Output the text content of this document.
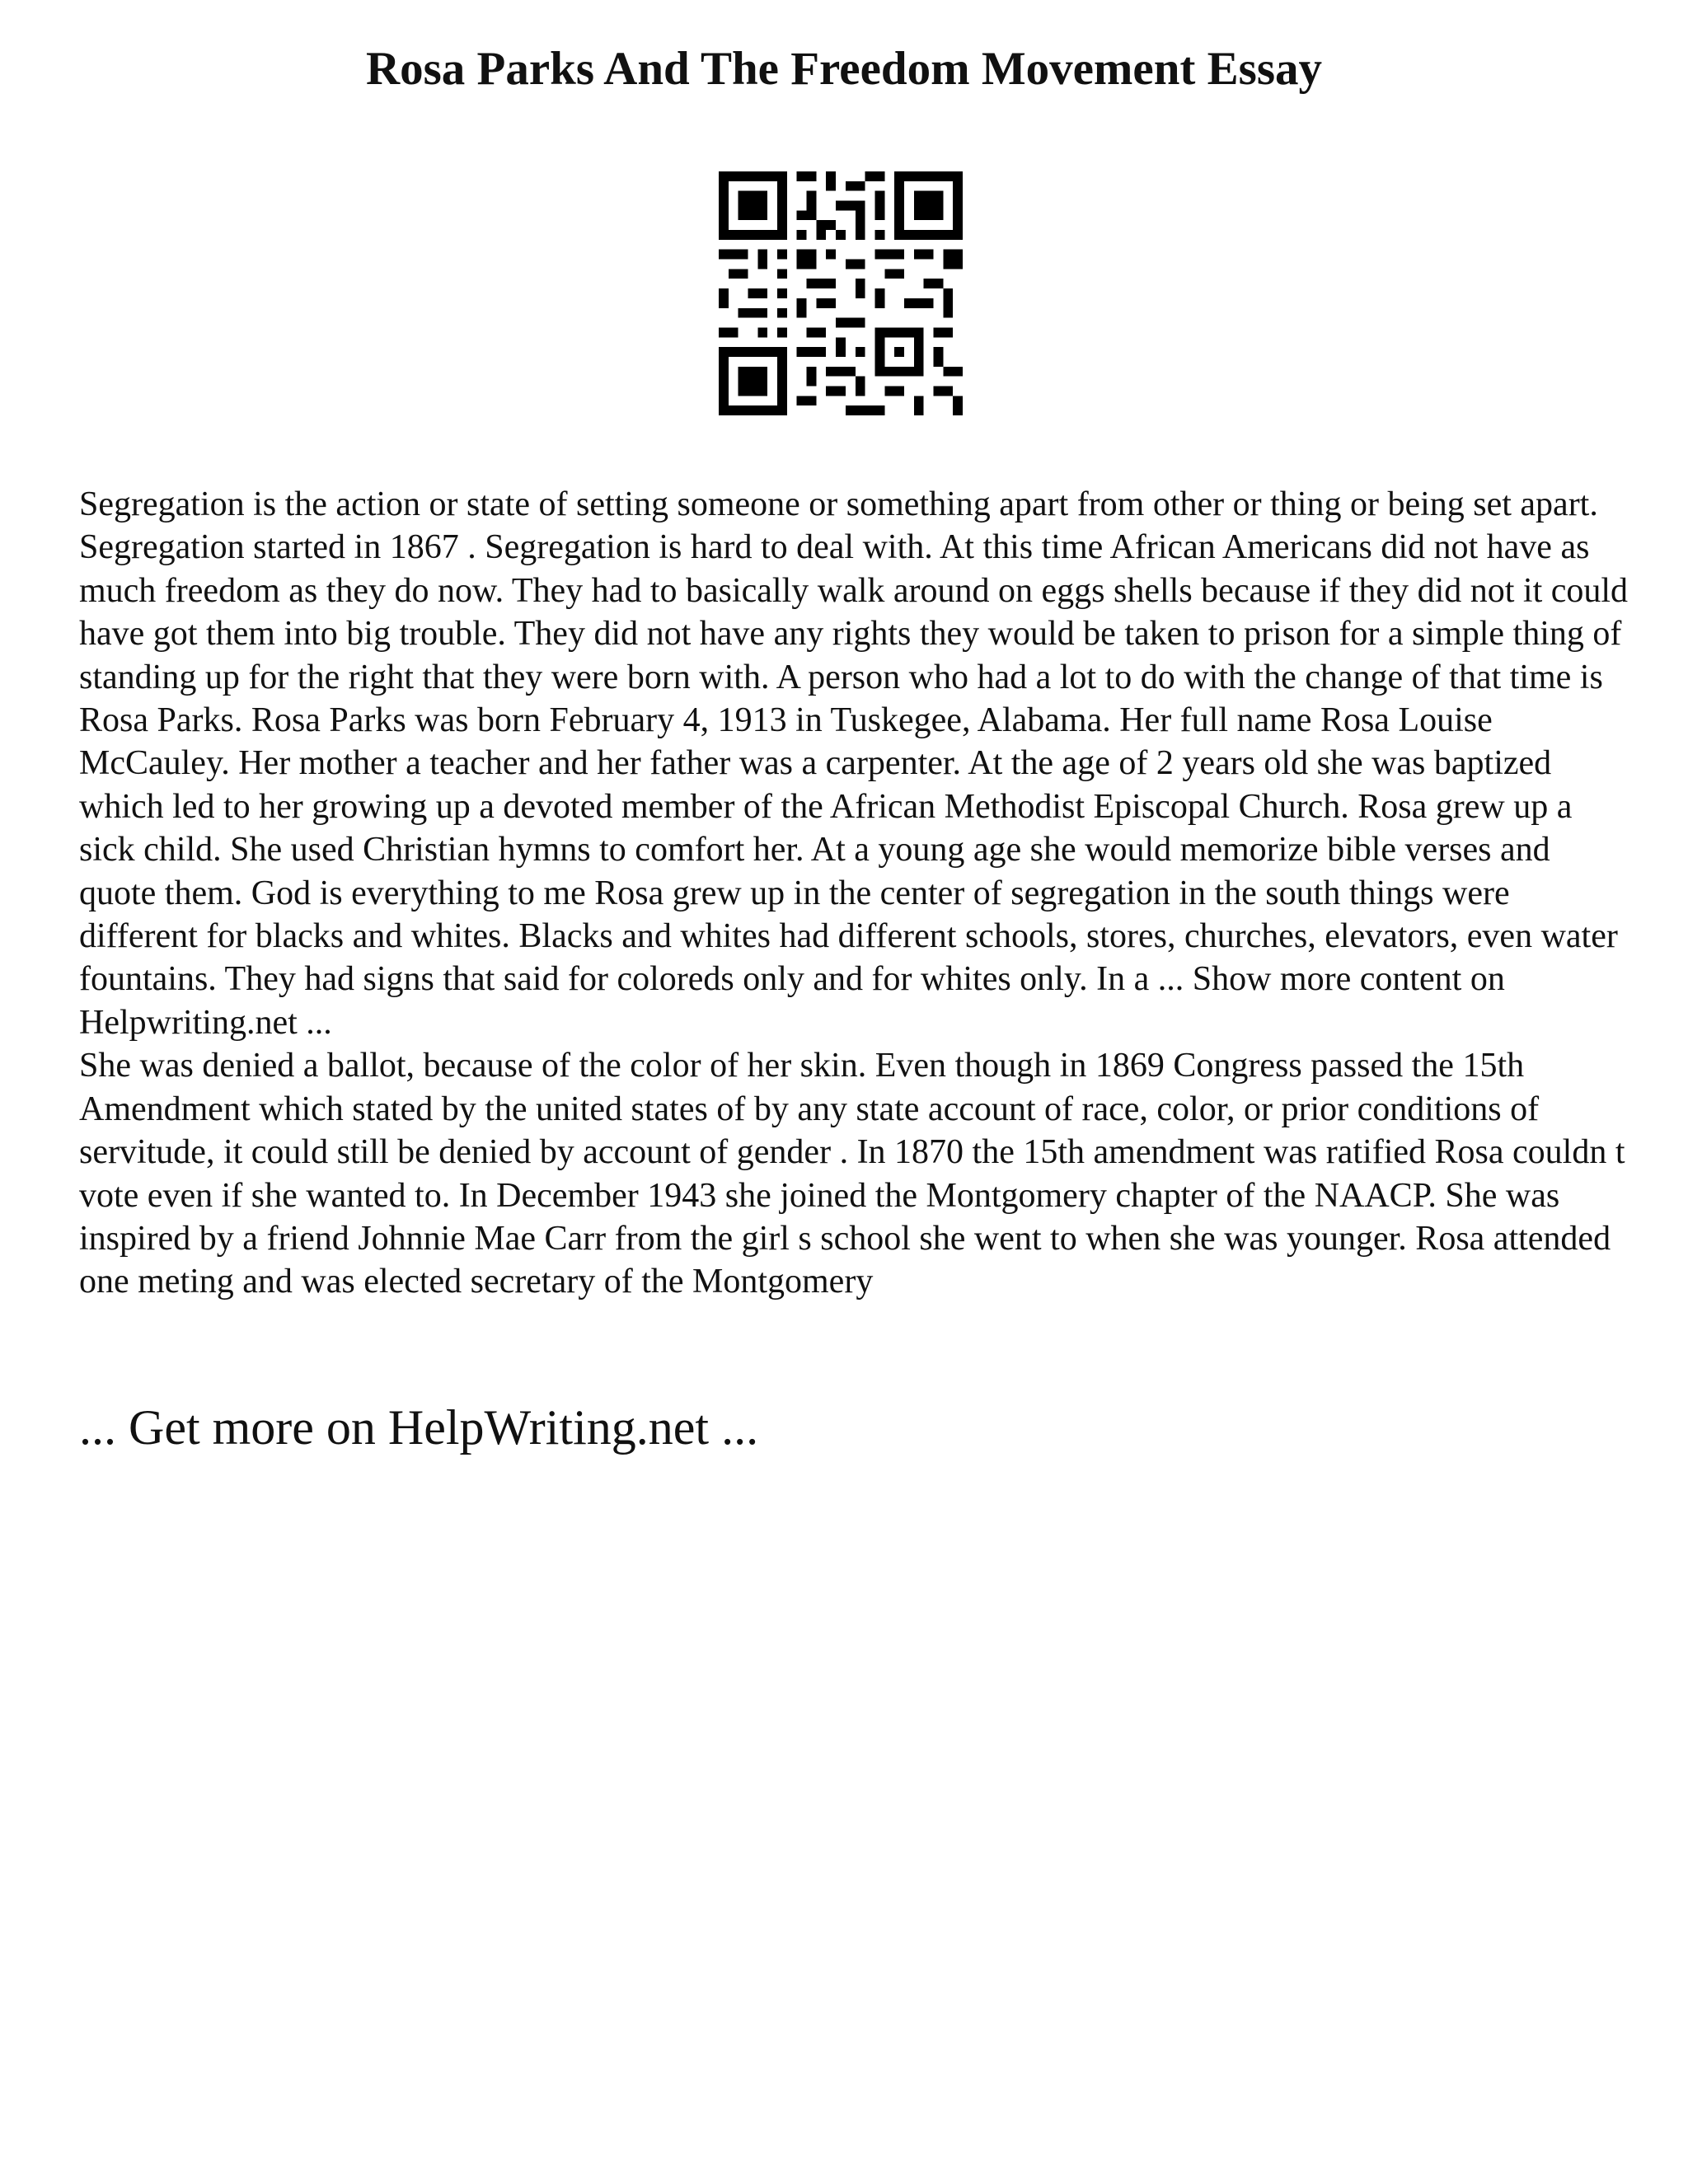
Rosa Parks And The Freedom Movement Essay

Segregation is the action or state of setting someone or something apart from other or thing or being set apart. Segregation started in 1867 . Segregation is hard to deal with. At this time African Americans did not have as much freedom as they do now. They had to basically walk around on eggs shells because if they did not it could have got them into big trouble. They did not have any rights they would be taken to prison for a simple thing of standing up for the right that they were born with. A person who had a lot to do with the change of that time is Rosa Parks. Rosa Parks was born February 4, 1913 in Tuskegee, Alabama. Her full name Rosa Louise McCauley. Her mother a teacher and her father was a carpenter. At the age of 2 years old she was baptized which led to her growing up a devoted member of the African Methodist Episcopal Church. Rosa grew up a sick child. She used Christian hymns to comfort her. At a young age she would memorize bible verses and quote them. God is everything to me Rosa grew up in the center of segregation in the south things were different for blacks and whites. Blacks and whites had different schools, stores, churches, elevators, even water fountains. They had signs that said for coloreds only and for whites only. In a ... Show more content on Helpwriting.net ...

She was denied a ballot, because of the color of her skin. Even though in 1869 Congress passed the 15th Amendment which stated by the united states of by any state account of race, color, or prior conditions of servitude, it could still be denied by account of gender . In 1870 the 15th amendment was ratified Rosa couldn t vote even if she wanted to. In December 1943 she joined the Montgomery chapter of the NAACP. She was inspired by a friend Johnnie Mae Carr from the girl s school she went to when she was younger. Rosa attended one meting and was elected secretary of the Montgomery

... Get more on HelpWriting.net ...
